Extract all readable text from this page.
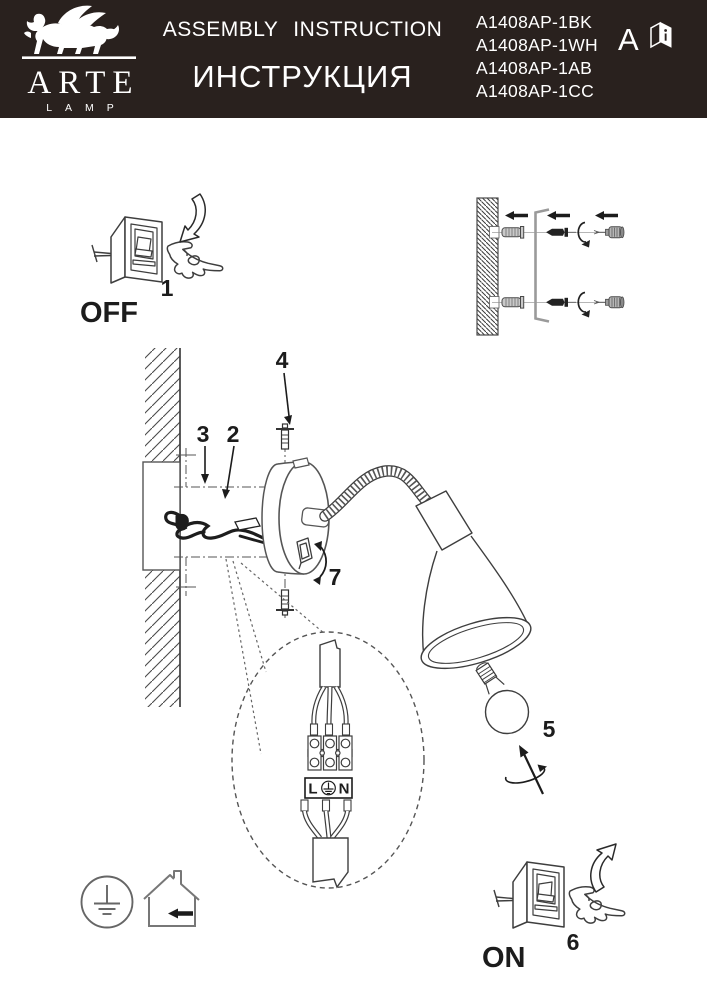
ARTE
LAMP
ASSEMBLY INSTRUCTION
ИНСТРУКЦИЯ
A1408AP-1BK
A1408AP-1WH
A1408AP-1AB
A1408AP-1CC
A
1
OFF
7
3 2
4
L N
5
6
ON
